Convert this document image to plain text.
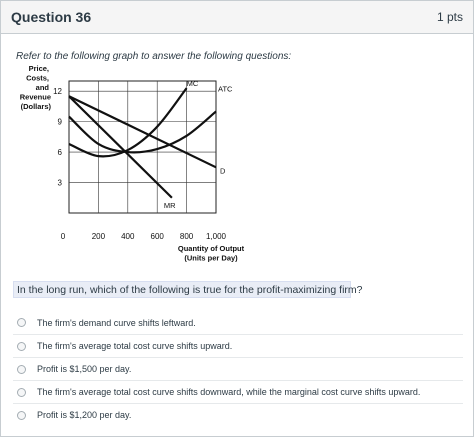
Question 36	1 pts
Refer to the following graph to answer the following questions:
MC
ATC
D
MR
12
9
6
3
0	200 400 600 800 1,000
Price,
Costs,
and
Revenue
(Dollars)
Quantity of Output
(Units per Day)
In the long run, which of the following is true for the profit-maximizing firm?
The firm's demand curve shifts leftward.
The firm's average total cost curve shifts upward.
Profit is $1,500 per day.
The firm's average total cost curve shifts downward, while the marginal cost curve shifts upward.
Profit is $1,200 per day.
